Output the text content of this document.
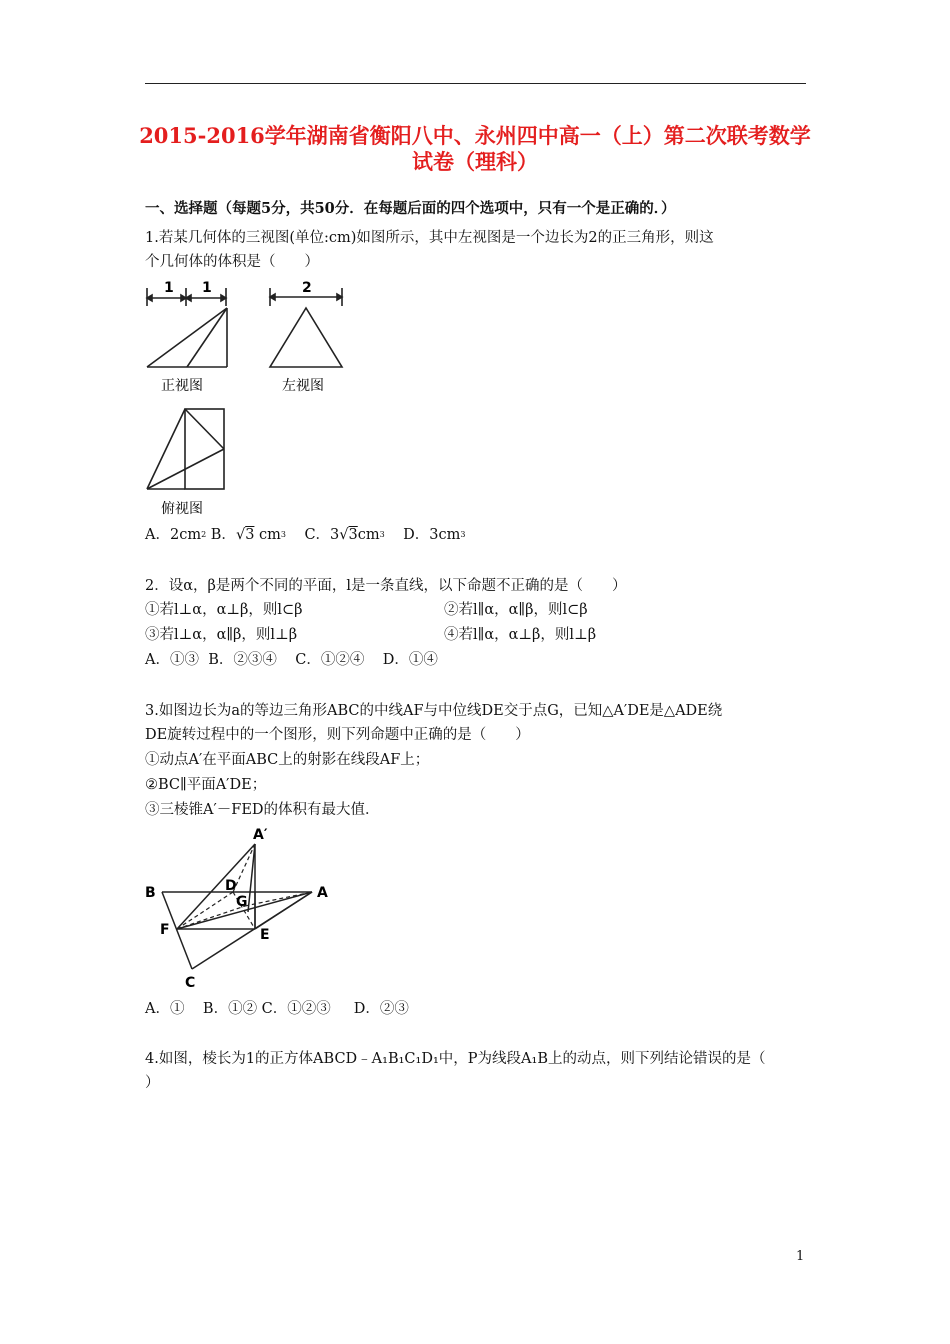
2015-2016学年湖南省衡阳八中、永州四中高一（上）第二次联考数学
试卷（理科）
一、选择题（每题5分，共50分．在每题后面的四个选项中，只有一个是正确的．）
1.若某几何体的三视图(单位:cm)如图所示，其中左视图是一个边长为2的正三角形，则这
个几何体的体积是（　　）
1 1
正视图
2
左视图
俯视图
A．$2cm^2$ B．√3 $cm^3$ C．$3√3cm^3$ D．$3cm^3$
2．设α，β是两个不同的平面，l是一条直线，以下命题不正确的是（　　）
①若l⊥α，α⊥β，则l⊂β	②若l∥α，α∥β，则l⊂β
③若l⊥α，α∥β，则l⊥β	④若l∥α，α⊥β，则l⊥β
A．①③  B．②③④    C．①②④    D．①④
3.如图边长为a的等边三角形ABC的中线AF与中位线DE交于点G，已知△A′DE是△ADE绕
DE旋转过程中的一个图形，则下列命题中正确的是（　　）
①动点A′在平面ABC上的射影在线段AF上；
②BC∥平面A′DE；
③三棱锥A′－FED的体积有最大值．
A′
B	D	A
G
F	E
C
A．①    B．①② C．①②③     D．②③
4.如图，棱长为1的正方体ABCD﹣A₁B₁C₁D₁中，P为线段A₁B上的动点，则下列结论错误的是（
）
1
